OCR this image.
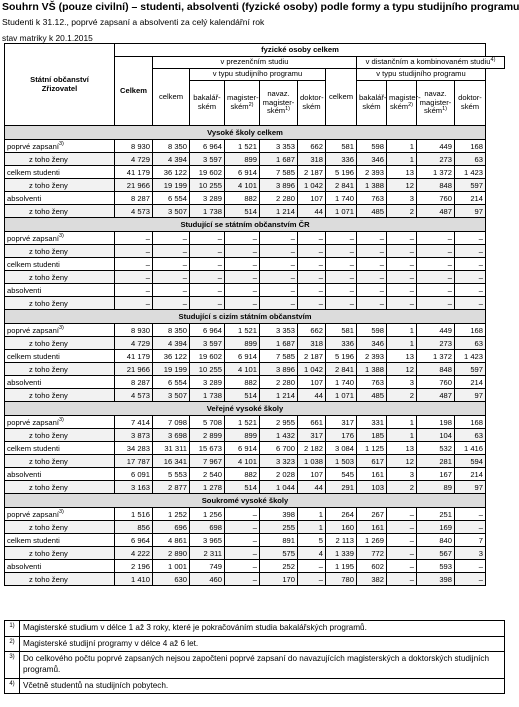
Souhrn VŠ (pouze civilní) – studenti, absolventi (fyzické osoby) podle formy a typu studijního programu
Studenti k 31.12., poprvé zapsaní a absolventi za celý kalendářní rok
stav matriky k 20.1.2015
Státní občanství
Zřizovatel	fyzické osoby celkem										
	Celkem	v prezenčním studiu						v distančním a kombinovaném studiu$^{4)}$
		celkem	v typu studijního programu				celkem	v typu studijního programu			
			bakalář-ském	magister-ském$^{2)}$	navaz. magister-ském$^{1)}$	doktor-ském		bakalář-ském	magister-ském$^{2)}$	navaz. magister-ském$^{1)}$	doktor-ském
Vysoké školy celkem											
poprvé zapsaní$^{3)}$	8 930	8 350	6 964	1 521	3 353	662	581	598	1	449	168
z toho ženy	4 729	4 394	3 597	899	1 687	318	336	346	1	273	63
celkem studenti	41 179	36 122	19 602	6 914	7 585	2 187	5 196	2 393	13	1 372	1 423
z toho ženy	21 966	19 199	10 255	4 101	3 896	1 042	2 841	1 388	12	848	597
absolventi	8 287	6 554	3 289	882	2 280	107	1 740	763	3	760	214
z toho ženy	4 573	3 507	1 738	514	1 214	44	1 071	485	2	487	97
Studující se státním občanstvím ČR											
poprvé zapsaní$^{3)}$	–	–	–	–	–	–	–	–	–	–	–
z toho ženy	–	–	–	–	–	–	–	–	–	–	–
celkem studenti	–	–	–	–	–	–	–	–	–	–	–
z toho ženy	–	–	–	–	–	–	–	–	–	–	–
absolventi	–	–	–	–	–	–	–	–	–	–	–
z toho ženy	–	–	–	–	–	–	–	–	–	–	–
Studující s cizím státním občanstvím											
poprvé zapsaní$^{3)}$	8 930	8 350	6 964	1 521	3 353	662	581	598	1	449	168
z toho ženy	4 729	4 394	3 597	899	1 687	318	336	346	1	273	63
celkem studenti	41 179	36 122	19 602	6 914	7 585	2 187	5 196	2 393	13	1 372	1 423
z toho ženy	21 966	19 199	10 255	4 101	3 896	1 042	2 841	1 388	12	848	597
absolventi	8 287	6 554	3 289	882	2 280	107	1 740	763	3	760	214
z toho ženy	4 573	3 507	1 738	514	1 214	44	1 071	485	2	487	97
Veřejné vysoké školy											
poprvé zapsaní$^{3)}$	7 414	7 098	5 708	1 521	2 955	661	317	331	1	198	168
z toho ženy	3 873	3 698	2 899	899	1 432	317	176	185	1	104	63
celkem studenti	34 283	31 311	15 673	6 914	6 700	2 182	3 084	1 125	13	532	1 416
z toho ženy	17 787	16 341	7 967	4 101	3 323	1 038	1 503	617	12	281	594
absolventi	6 091	5 553	2 540	882	2 028	107	545	161	3	167	214
z toho ženy	3 163	2 877	1 278	514	1 044	44	291	103	2	89	97
Soukromé vysoké školy											
poprvé zapsaní$^{3)}$	1 516	1 252	1 256	–	398	1	264	267	–	251	–
z toho ženy	856	696	698	–	255	1	160	161	–	169	–
celkem studenti	6 964	4 861	3 965	–	891	5	2 113	1 269	–	840	7
z toho ženy	4 222	2 890	2 311	–	575	4	1 339	772	–	567	3
absolventi	2 196	1 001	749	–	252	–	1 195	602	–	593	–
z toho ženy	1 410	630	460	–	170	–	780	382	–	398	–
1)	Magisterské studium v délce 1 až 3 roky, které je pokračováním studia bakalářských programů.
2)	Magisterské studijní programy v délce 4 až 6 let.
3)	Do celkového počtu poprvé zapsaných nejsou započteni poprvé zapsaní do navazujících magisterských a doktorských studijních programů.
4)	Včetně studentů na studijních pobytech.
